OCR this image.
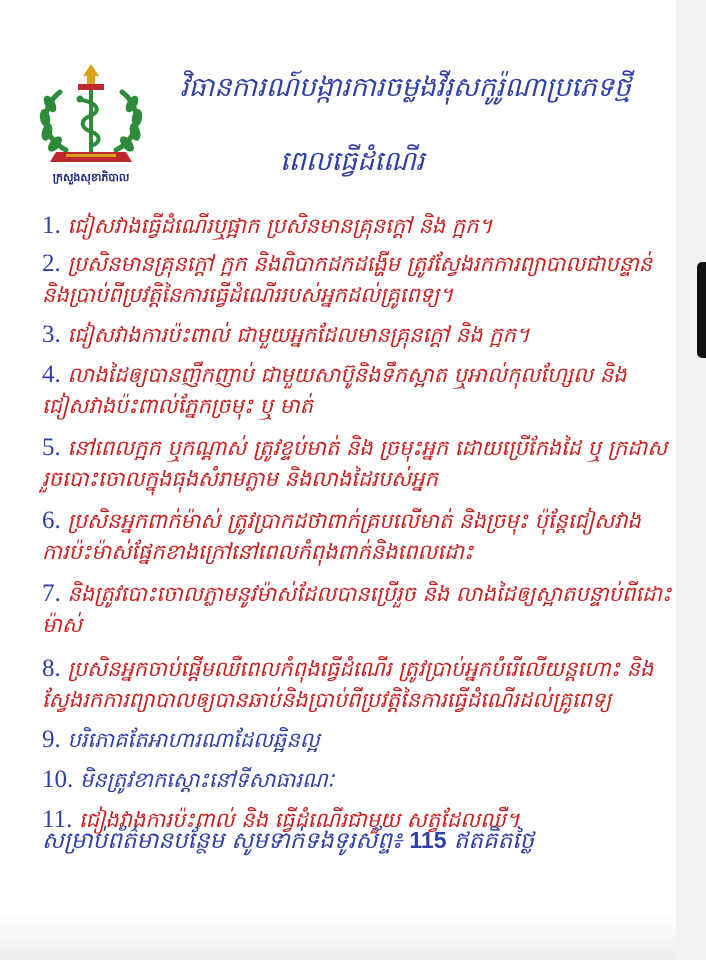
ក្រសួងសុខាភិបាល
វិធានការណ៍បង្ការការចម្លងវីរុសកូរ៉ូណាប្រភេទថ្មី
ពេលធ្វើដំណើរ
1. ជៀសវាងធ្វើដំណើរឬផ្អាក ប្រសិនមានគ្រុនក្ដៅ និង ក្អក។
2. ប្រសិនមានគ្រុនក្ដៅ ក្អក និងពិបាកដកដង្ហើម ត្រូវស្វែងរកការព្យាបាលជាបន្ទាន់ និងប្រាប់ពីប្រវត្តិនៃការធ្វើដំណើររបស់អ្នកដល់គ្រូពេទ្យ។
3. ជៀសវាងការប៉ះពាល់ ជាមួយអ្នកដែលមានគ្រុនក្ដៅ និង ក្អក។
4. លាងដៃឲ្យបានញឹកញាប់ ជាមួយសាប៊ូនិងទឹកស្អាត ឬអាល់កុលហ្សែល និង ជៀសវាងប៉ះពាល់ភ្នែកច្រមុះ ឬ មាត់
5. នៅពេលក្អក ឬកណ្ដាស់ ត្រូវខ្ទប់មាត់ និង ច្រមុះអ្នក ដោយប្រើកែងដៃ ឬ ក្រដាស រួចបោះចោលក្នុងធុងសំរាមភ្លាម និងលាងដៃរបស់អ្នក
6. ប្រសិនអ្នកពាក់ម៉ាស់ ត្រូវប្រាកដថាពាក់គ្របលើមាត់ និងច្រមុះ ប៉ុន្តែជៀសវាងការប៉ះម៉ាស់ផ្នែកខាងក្រៅនៅពេលកំពុងពាក់និងពេលដោះ
7. និងត្រូវបោះចោលភ្លាមនូវម៉ាស់ដែលបានប្រើរួច និង លាងដៃឲ្យស្អាតបន្ទាប់ពីដោះម៉ាស់
8. ប្រសិនអ្នកចាប់ផ្ដើមឈឺពេលកំពុងធ្វើដំណើរ ត្រូវប្រាប់អ្នកបំរើលើយន្តហោះ និងស្វែងរកការព្យាបាលឲ្យបានឆាប់និងប្រាប់ពីប្រវត្តិនៃការធ្វើដំណើរដល់គ្រូពេទ្យ
9. បរិភោគតែអាហារណាដែលឆ្អិនល្អ
10. មិនត្រូវខាកស្ដោះនៅទីសាធារណៈ
11. ជៀងវាងការប៉ះពាល់ និង ធ្វើដំណើរជាមួយ សត្វដែលឈឺ។
សម្រាប់ព័ត៌មានបន្ថែម សូមទាក់ទងទូរស័ព្ទ៖ 115 ឥតគិតថ្លៃ
